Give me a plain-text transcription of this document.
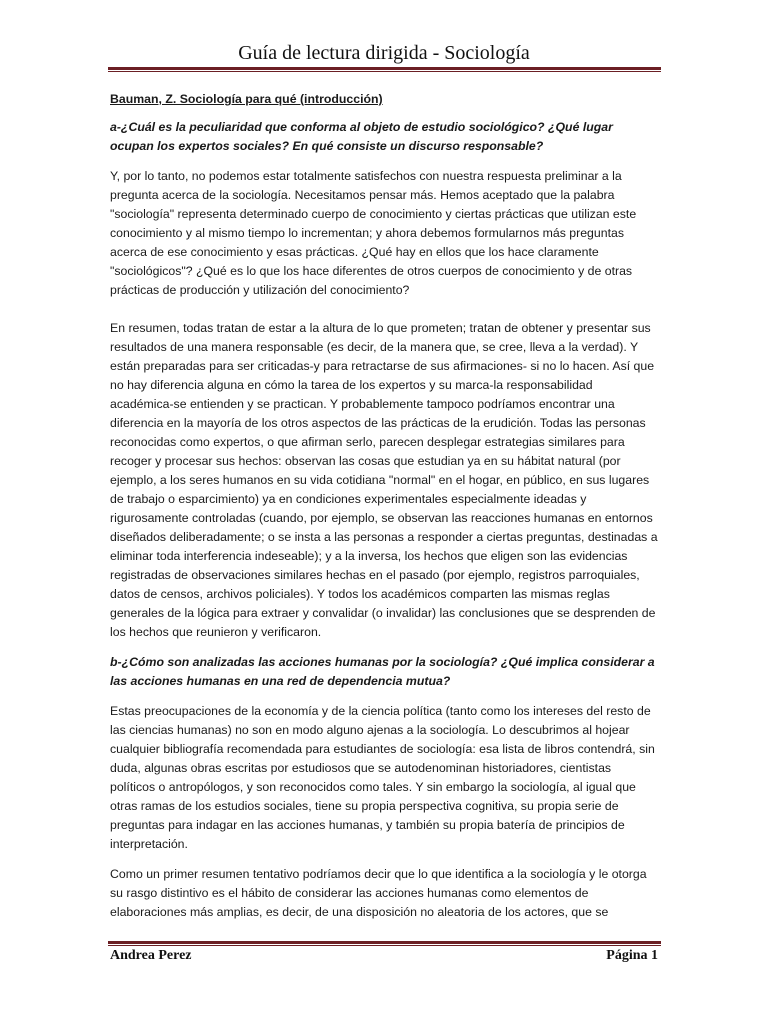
Guía de lectura dirigida - Sociología

Bauman, Z. Sociología para qué (introducción)

a-¿Cuál es la peculiaridad que conforma al objeto de estudio sociológico? ¿Qué lugar ocupan los expertos sociales? En qué consiste un discurso responsable?

Y, por lo tanto, no podemos estar totalmente satisfechos con nuestra respuesta preliminar a la pregunta acerca de la sociología. Necesitamos pensar más. Hemos aceptado que la palabra "sociología" representa determinado cuerpo de conocimiento y ciertas prácticas que utilizan este conocimiento y al mismo tiempo lo incrementan; y ahora debemos formularnos más preguntas acerca de ese conocimiento y esas prácticas. ¿Qué hay en ellos que los hace claramente "sociológicos"? ¿Qué es lo que los hace diferentes de otros cuerpos de conocimiento y de otras prácticas de producción y utilización del conocimiento?

En resumen, todas tratan de estar a la altura de lo que prometen; tratan de obtener y presentar sus resultados de una manera responsable (es decir, de la manera que, se cree, lleva a la verdad). Y están preparadas para ser criticadas-y para retractarse de sus afirmaciones- si no lo hacen. Así que no hay diferencia alguna en cómo la tarea de los expertos y su marca-la responsabilidad académica-se entienden y se practican. Y probablemente tampoco podríamos encontrar una diferencia en la mayoría de los otros aspectos de las prácticas de la erudición. Todas las personas reconocidas como expertos, o que afirman serlo, parecen desplegar estrategias similares para recoger y procesar sus hechos: observan las cosas que estudian ya en su hábitat natural (por ejemplo, a los seres humanos en su vida cotidiana "normal" en el hogar, en público, en sus lugares de trabajo o esparcimiento) ya en condiciones experimentales especialmente ideadas y rigurosamente controladas (cuando, por ejemplo, se observan las reacciones humanas en entornos diseñados deliberadamente; o se insta a las personas a responder a ciertas preguntas, destinadas a eliminar toda interferencia indeseable); y a la inversa, los hechos que eligen son las evidencias registradas de observaciones similares hechas en el pasado (por ejemplo, registros parroquiales, datos de censos, archivos policiales). Y todos los académicos comparten las mismas reglas generales de la lógica para extraer y convalidar (o invalidar) las conclusiones que se desprenden de los hechos que reunieron y verificaron.

b-¿Cómo son analizadas las acciones humanas por la sociología? ¿Qué implica considerar a las acciones humanas en una red de dependencia mutua?

Estas preocupaciones de la economía y de la ciencia política (tanto como los intereses del resto de las ciencias humanas) no son en modo alguno ajenas a la sociología. Lo descubrimos al hojear cualquier bibliografía recomendada para estudiantes de sociología: esa lista de libros contendrá, sin duda, algunas obras escritas por estudiosos que se autodenominan historiadores, cientistas políticos o antropólogos, y son reconocidos como tales. Y sin embargo la sociología, al igual que otras ramas de los estudios sociales, tiene su propia perspectiva cognitiva, su propia serie de preguntas para indagar en las acciones humanas, y también su propia batería de principios de interpretación.

Como un primer resumen tentativo podríamos decir que lo que identifica a la sociología y le otorga su rasgo distintivo es el hábito de considerar las acciones humanas como elementos de elaboraciones más amplias, es decir, de una disposición no aleatoria de los actores, que se

Andrea Perez	Página 1
